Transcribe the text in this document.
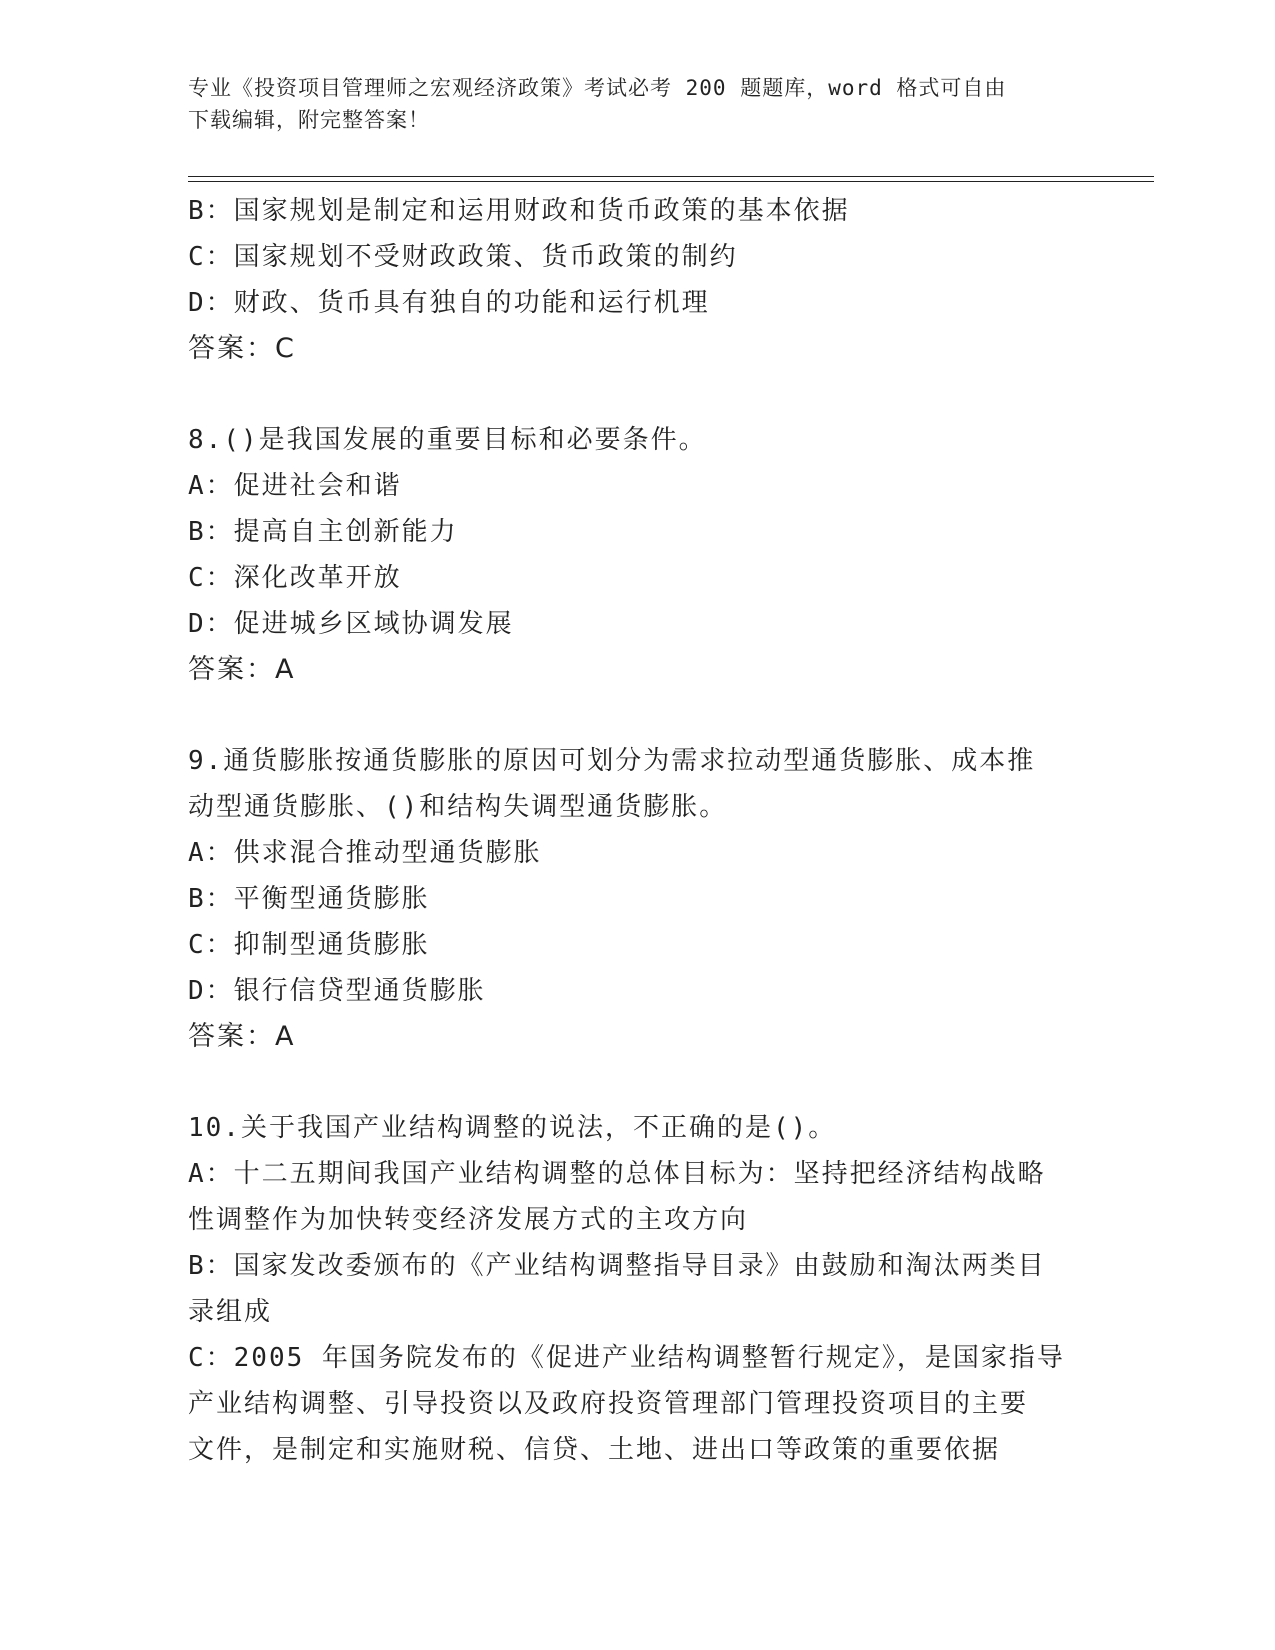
专业《投资项目管理师之宏观经济政策》考试必考 200 题题库，word 格式可自由
下载编辑，附完整答案！
B：国家规划是制定和运用财政和货币政策的基本依据
C：国家规划不受财政政策、货币政策的制约
D：财政、货币具有独自的功能和运行机理
答案：C
8.()是我国发展的重要目标和必要条件。
A：促进社会和谐
B：提高自主创新能力
C：深化改革开放
D：促进城乡区域协调发展
答案：A
9.通货膨胀按通货膨胀的原因可划分为需求拉动型通货膨胀、成本推
动型通货膨胀、()和结构失调型通货膨胀。
A：供求混合推动型通货膨胀
B：平衡型通货膨胀
C：抑制型通货膨胀
D：银行信贷型通货膨胀
答案：A
10.关于我国产业结构调整的说法，不正确的是()。
A：十二五期间我国产业结构调整的总体目标为：坚持把经济结构战略
性调整作为加快转变经济发展方式的主攻方向
B：国家发改委颁布的《产业结构调整指导目录》由鼓励和淘汰两类目
录组成
C：2005 年国务院发布的《促进产业结构调整暂行规定》，是国家指导
产业结构调整、引导投资以及政府投资管理部门管理投资项目的主要
文件，是制定和实施财税、信贷、土地、进出口等政策的重要依据
